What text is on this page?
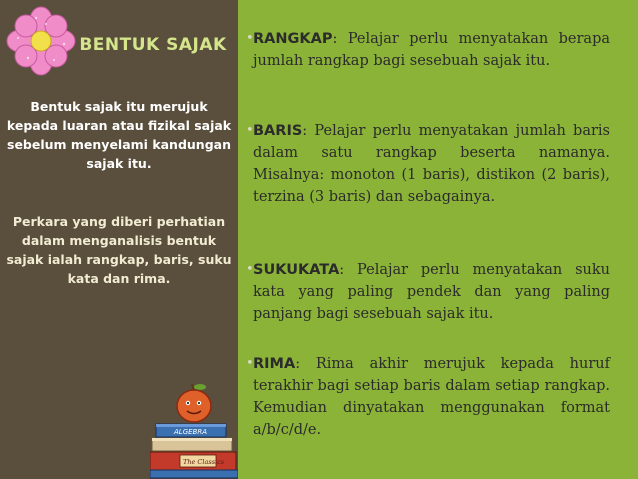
BENTUK SAJAK
Bentuk sajak itu merujuk kepada luaran atau fizikal sajak sebelum menyelami kandungan sajak itu.
Perkara yang diberi perhatian dalam menganalisis bentuk sajak ialah rangkap, baris, suku kata dan rima.
ALGEBRA
The Classics
• RANGKAP: Pelajar perlu menyatakan berapa jumlah rangkap bagi sesebuah sajak itu.
• BARIS: Pelajar perlu menyatakan jumlah baris dalam satu rangkap beserta namanya. Misalnya: monoton (1 baris), distikon (2 baris), terzina (3 baris) dan sebagainya.
• SUKUKATA: Pelajar perlu menyatakan suku kata yang paling pendek dan yang paling panjang bagi sesebuah sajak itu.
• RIMA: Rima akhir merujuk kepada huruf terakhir bagi setiap baris dalam setiap rangkap. Kemudian dinyatakan menggunakan format a/b/c/d/e.
